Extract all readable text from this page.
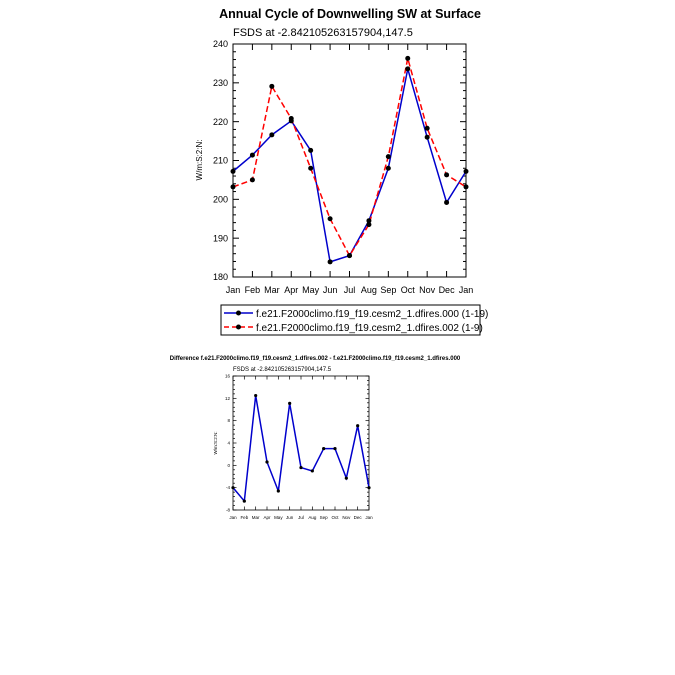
Annual Cycle of Downwelling SW at Surface
FSDS at -2.842105263157904,147.5
W/m:S:2:N:
Jan Feb Mar Apr May Jun Jul Aug Sep Oct Nov Dec Jan
180
190
200
210
220
230
240
f.e21.F2000climo.f19_f19.cesm2_1.dfires.000 (1-19)
f.e21.F2000climo.f19_f19.cesm2_1.dfires.002 (1-9)
Difference f.e21.F2000climo.f19_f19.cesm2_1.dfires.002 - f.e21.F2000climo.f19_f19.cesm2_1.dfires.000
FSDS at -2.842105263157904,147.5
W/m:S:2:N:
Jan Feb Mar Apr May Jun Jul Aug Sep Oct Nov Dec Jan
-8
-4
0
4
8
12
16
